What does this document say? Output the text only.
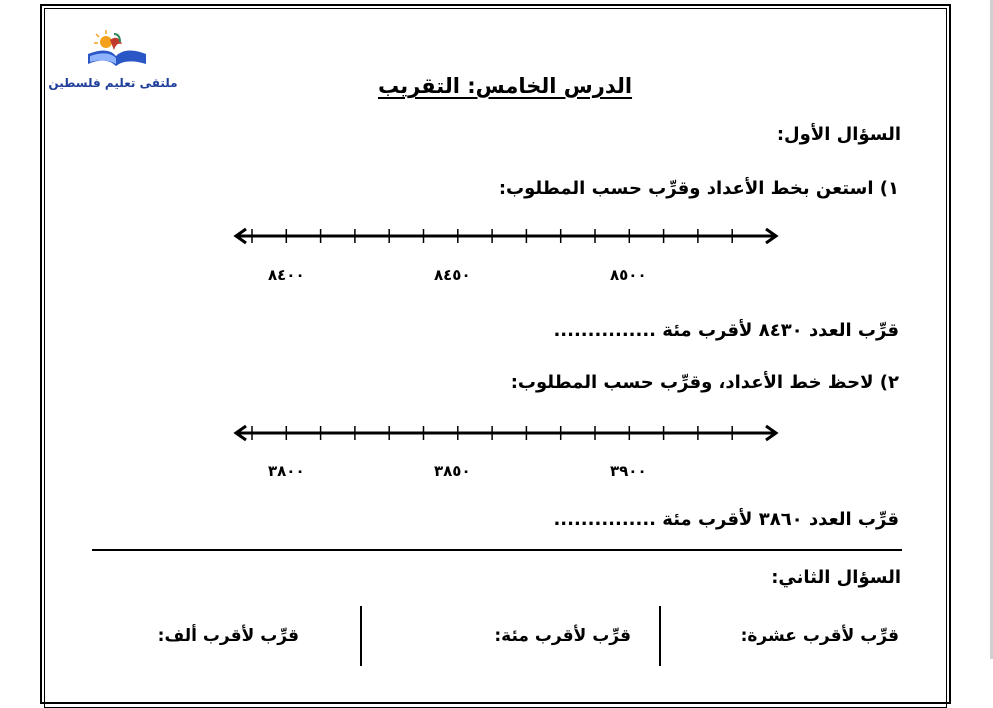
ملتقى تعليم فلسطين	الدرس الخامس: التقريب
السؤال الأول:
١) استعن بخط الأعداد وقرِّب حسب المطلوب:
٨٤٠٠	٨٤٥٠	٨٥٠٠
قرِّب العدد ٨٤٣٠ لأقرب مئة ...............
٢) لاحظ خط الأعداد، وقرِّب حسب المطلوب:
٣٨٠٠	٣٨٥٠	٣٩٠٠
قرِّب العدد ٣٨٦٠ لأقرب مئة ...............
السؤال الثاني:
قرِّب لأقرب عشرة:
قرِّب لأقرب مئة:
قرِّب لأقرب ألف:
